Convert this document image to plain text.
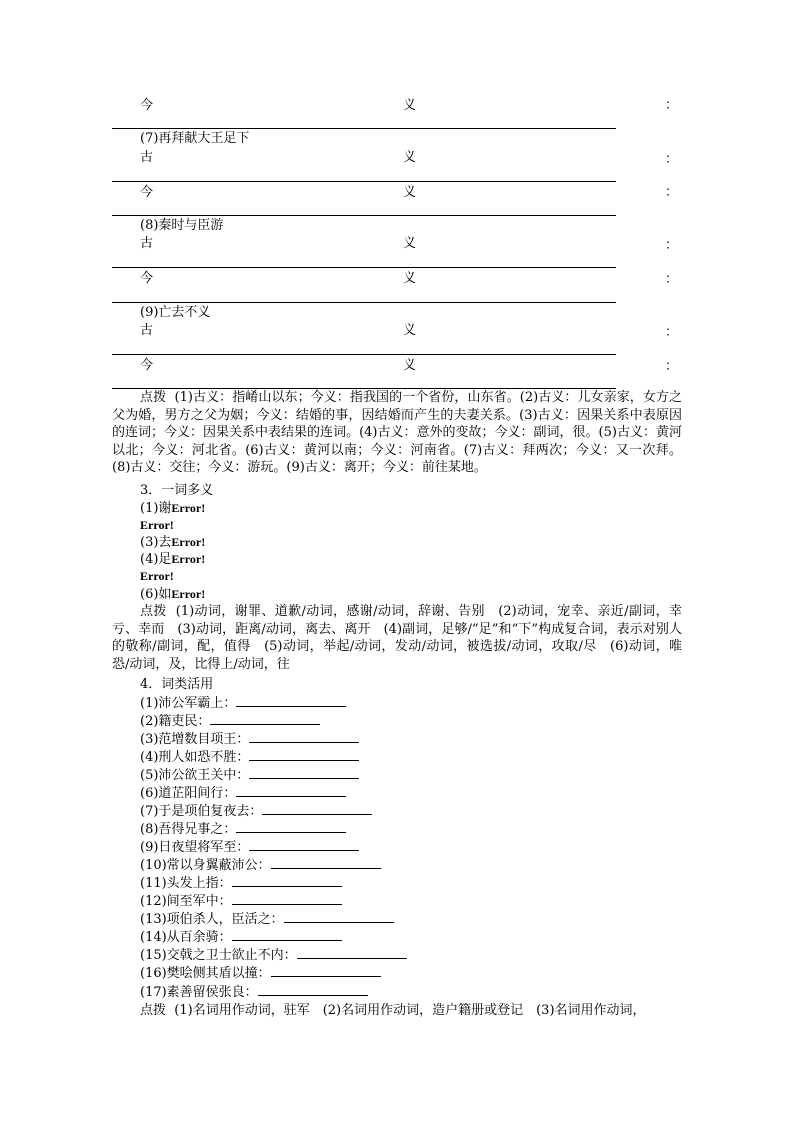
今	义	：
(7)再拜献大王足下
古	义	：
今	义	：
(8)秦时与臣游
古	义	：
今	义	：
(9)亡去不义
古	义	：
今	义	：
点拨 (1)古义：指崤山以东；今义：指我国的一个省份，山东省。(2)古义：儿女亲家，女方之父为婚，男方之父为姻；今义：结婚的事，因结婚而产生的夫妻关系。(3)古义：因果关系中表原因的连词；今义：因果关系中表结果的连词。(4)古义：意外的变故；今义：副词，很。(5)古义：黄河以北；今义：河北省。(6)古义：黄河以南；今义：河南省。(7)古义：拜两次；今义：又一次拜。(8)古义：交往；今义：游玩。(9)古义：离开；今义：前往某地。
3．一词多义
(1)谢Error!
Error!
(3)去Error!
(4)足Error!
Error!
(6)如Error!
点拨 (1)动词，谢罪、道歉/动词，感谢/动词，辞谢、告别　(2)动词，宠幸、亲近/副词，幸亏、幸而　(3)动词，距离/动词，离去、离开　(4)副词，足够/“足”和“下”构成复合词，表示对别人的敬称/副词，配，值得　(5)动词，举起/动词，发动/动词，被选拔/动词，攻取/尽　(6)动词，唯恐/动词，及，比得上/动词，往
4．词类活用
(1)沛公军霸上：
(2)籍吏民：
(3)范增数目项王：
(4)刑人如恐不胜：
(5)沛公欲王关中：
(6)道芷阳间行：
(7)于是项伯复夜去：
(8)吾得兄事之：
(9)日夜望将军至：
(10)常以身翼蔽沛公：
(11)头发上指：
(12)间至军中：
(13)项伯杀人，臣活之：
(14)从百余骑：
(15)交戟之卫士欲止不内：
(16)樊哙侧其盾以撞：
(17)素善留侯张良：
点拨 (1)名词用作动词，驻军　(2)名词用作动词，造户籍册或登记　(3)名词用作动词，
